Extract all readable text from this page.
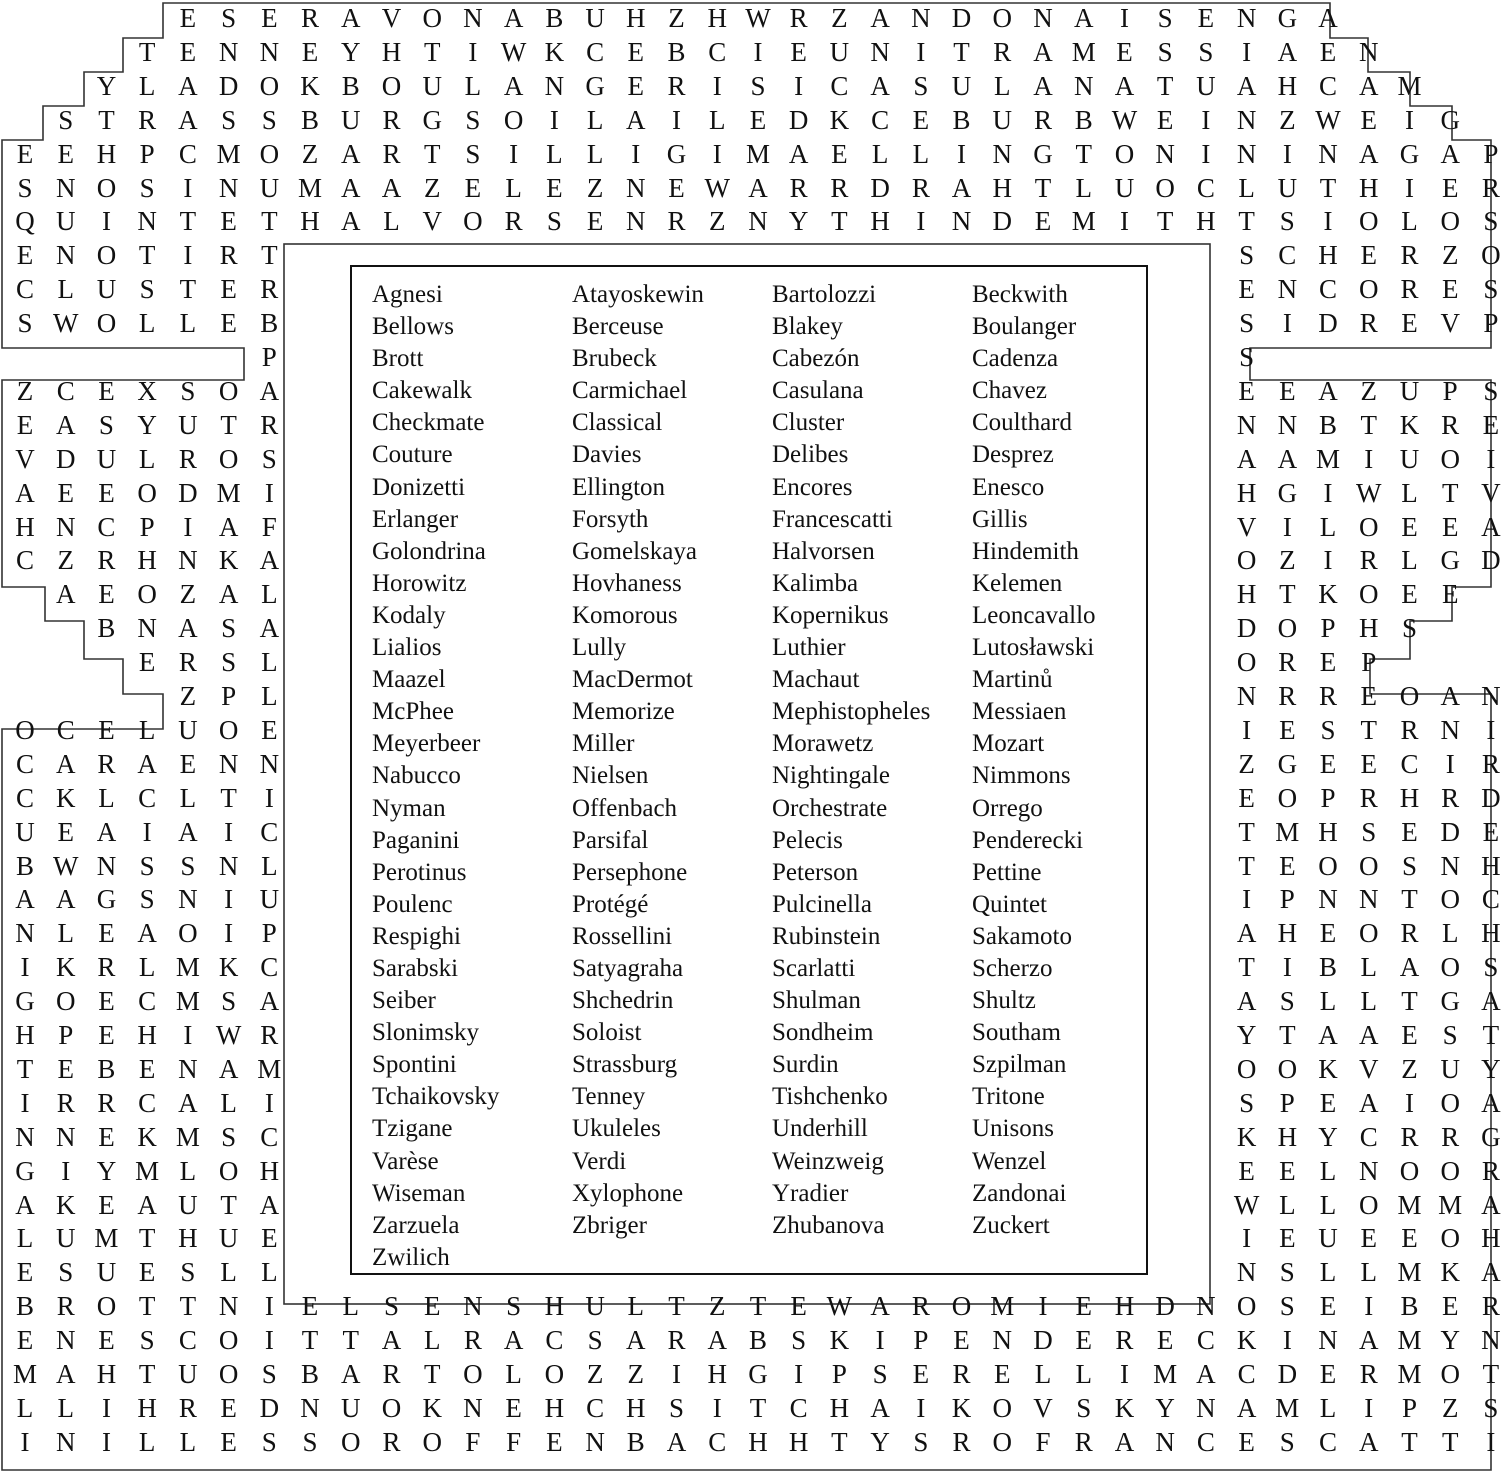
E S E R A V O N A B U H Z H W R Z A N D O N A I	S E N G A
T E N N E Y H T	I W K C E B C	I	E U N I	T R A M E S S	I A E N
Y L A D O K B O U L A N G E R	I	S	I	C A S U L A N A T U A H C A M
S T R A S S B U R G S O I	L A I	L E D K C E B U R B W E	I N Z W E	I G
E E H P C M O Z A R T S	I	L L	I G I M A E L L	I N G T O N I N I N A G A P
S N O S	I N U M A A Z E L E Z N E W A R R D R A H T L U O C L U T H I	E R
Q U I N T E T H A L V O R S E N R Z N Y T H I N D E M I	T H T S	I O L O S
E N O T	I	R T	S C H E R Z O
C L U S T E R	E N C O R E S
S W O L L E B	S	I D R E V P
P	S
Z C E X S O A	E E A Z U P S
E A S Y U T R	N N B T K R E
V D U L R O S	A A M I U O I
A E E O D M I	H G I W L T V
H N C P	I A F	V I	L O E E A
C Z R H N K A	O Z	I	R L G D
A E O Z A L	H T K O E E
B N A S A	D O P H S
E R S L	O R E P
Z P L	N R R E O A N
O C E L U O E	I	E S T R N I
C A R A E N N	Z G E E C	I	R
C K L C L T	I	E O P R H R D
U E A I A I	C	T M H S E D E
B W N S S N L	T E O O S N H
A A G S N I U	I	P N N T O C
N L E A O I	P	A H E O R L H
I K R L M K C	T	I	B L A O S
G O E C M S A	A S L L T G A
H P E H I W R	Y T A A E S T
T E B E N A M	O O K V Z U Y
I	R R C A L	I	S P E A I O A
N N E K M S C	K H Y C R R G
G I Y M L O H	E E L N O O R
A K E A U T A	W L L O M M A
L U M T H U E	I	E U E E O H
E S U E S L L	N S L L M K A
B R O T T N I	E L S E N S H U L T Z T E W A R O M I	E H D N O S E	I	B E R
E N E S C O I	T T A L R A C S A R A B S K I	P E N D E R E C K I N A M Y N
M A H T U O S B A R T O L O Z Z	I H G I	P S E R E L L	I M A C D E R M O T
L L	I H R E D N U O K N E H C H S	I	T C H A I K O V S K Y N A M L	I	P Z S
I N I	L L E S S O R O F F E N B A C H H T Y S R O F R A N C E S C A T T	I
Agnesi
Bellows
Brott
Cakewalk
Checkmate
Couture
Donizetti
Erlanger
Golondrina
Horowitz
Kodaly
Lialios
Maazel
McPhee
Meyerbeer
Nabucco
Nyman
Paganini
Perotinus
Poulenc
Respighi
Sarabski
Seiber
Slonimsky
Spontini
Tchaikovsky
Tzigane
Varèse
Wiseman
Zarzuela
Zwilich
Atayoskewin
Berceuse
Brubeck
Carmichael
Classical
Davies
Ellington
Forsyth
Gomelskaya
Hovhaness
Komorous
Lully
MacDermot
Memorize
Miller
Nielsen
Offenbach
Parsifal
Persephone
Protégé
Rossellini
Satyagraha
Shchedrin
Soloist
Strassburg
Tenney
Ukuleles
Verdi
Xylophone
Zbriger
Bartolozzi
Blakey
Cabezón
Casulana
Cluster
Delibes
Encores
Francescatti
Halvorsen
Kalimba
Kopernikus
Luthier
Machaut
Mephistopheles
Morawetz
Nightingale
Orchestrate
Pelecis
Peterson
Pulcinella
Rubinstein
Scarlatti
Shulman
Sondheim
Surdin
Tishchenko
Underhill
Weinzweig
Yradier
Zhubanova
Beckwith
Boulanger
Cadenza
Chavez
Coulthard
Desprez
Enesco
Gillis
Hindemith
Kelemen
Leoncavallo
Lutosławski
Martinů
Messiaen
Mozart
Nimmons
Orrego
Penderecki
Pettine
Quintet
Sakamoto
Scherzo
Shultz
Southam
Szpilman
Tritone
Unisons
Wenzel
Zandonai
Zuckert
